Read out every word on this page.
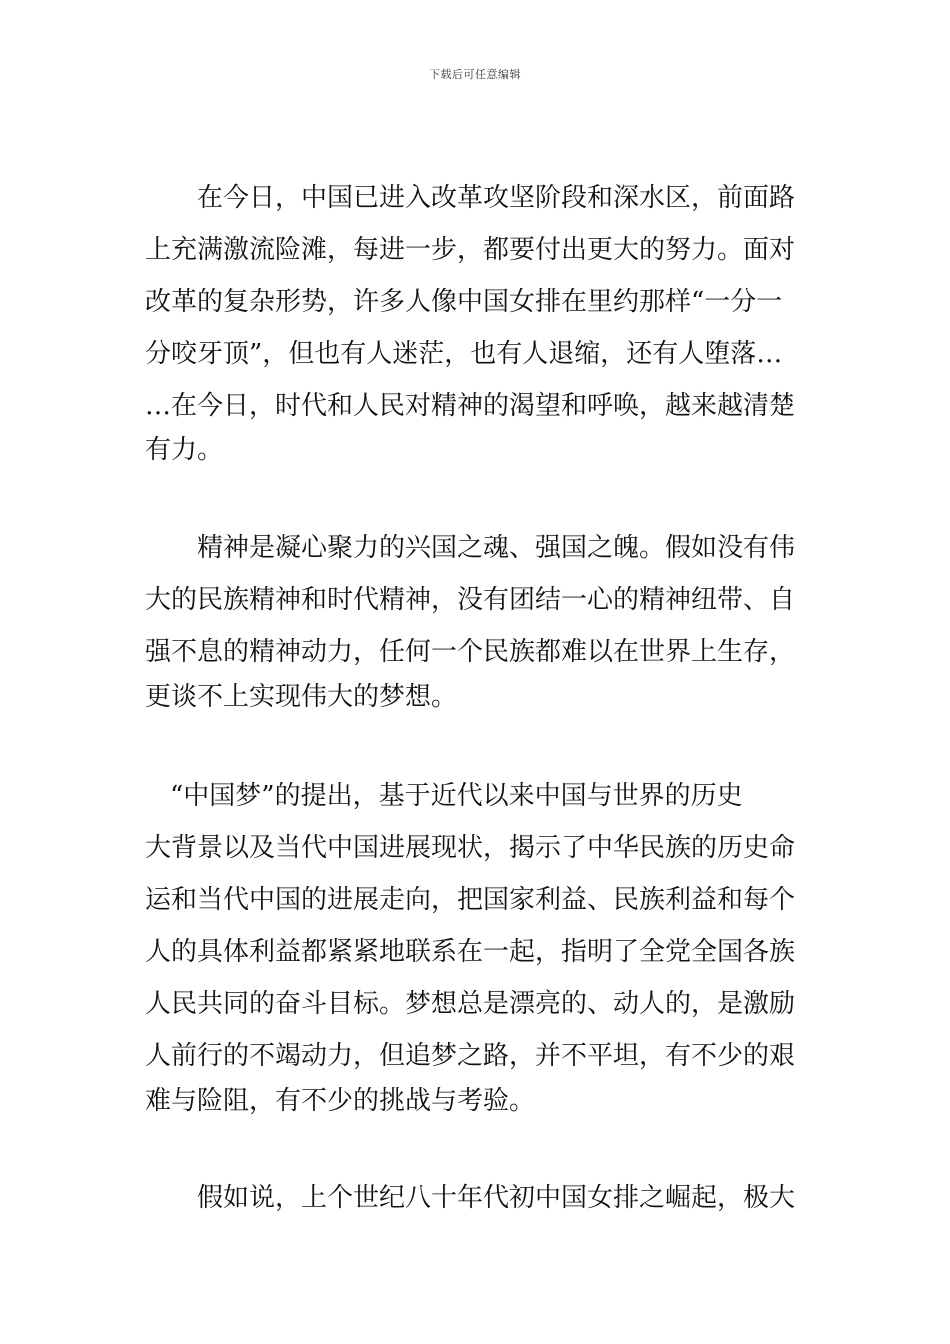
下载后可任意编辑

在今日，中国已进入改革攻坚阶段和深水区，前面路

上充满激流险滩，每进一步，都要付出更大的努力。面对

改革的复杂形势，许多人像中国女排在里约那样“一分一

分咬牙顶”，但也有人迷茫，也有人退缩，还有人堕落…

…在今日，时代和人民对精神的渴望和呼唤，越来越清楚

有力。

精神是凝心聚力的兴国之魂、强国之魄。假如没有伟

大的民族精神和时代精神，没有团结一心的精神纽带、自

强不息的精神动力，任何一个民族都难以在世界上生存，

更谈不上实现伟大的梦想。

“中国梦”的提出，基于近代以来中国与世界的历史

大背景以及当代中国进展现状，揭示了中华民族的历史命

运和当代中国的进展走向，把国家利益、民族利益和每个

人的具体利益都紧紧地联系在一起，指明了全党全国各族

人民共同的奋斗目标。梦想总是漂亮的、动人的，是激励

人前行的不竭动力，但追梦之路，并不平坦，有不少的艰

难与险阻，有不少的挑战与考验。

假如说，上个世纪八十年代初中国女排之崛起，极大
